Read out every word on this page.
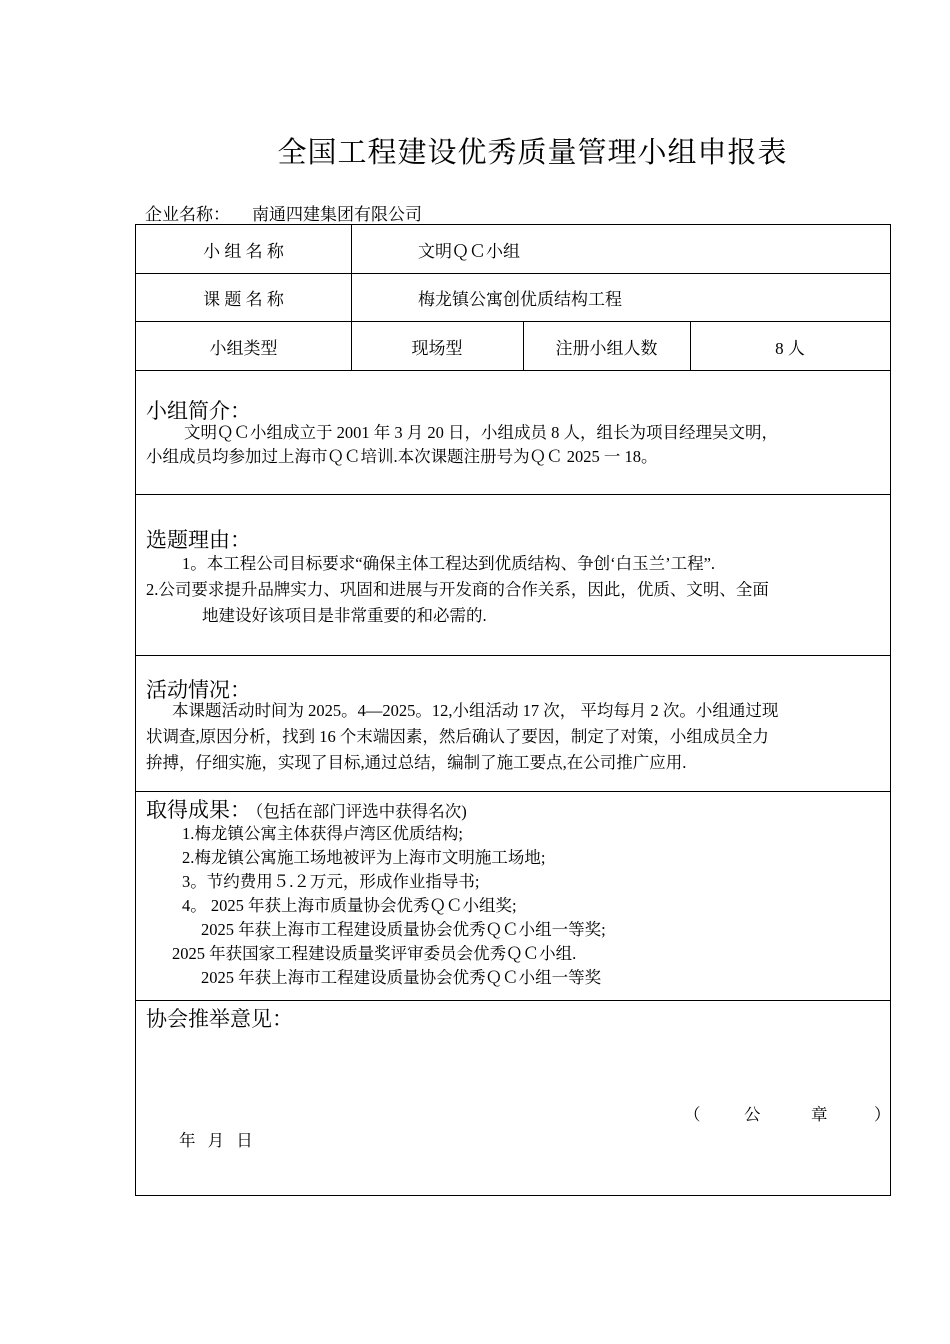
全国工程建设优秀质量管理小组申报表
企业名称： 南通四建集团有限公司
小 组 名 称	文明ＱＣ小组
课 题 名 称	梅龙镇公寓创优质结构工程
小组类型	现场型	注册小组人数	8 人
小组简介：
文明ＱＣ小组成立于 2001 年 3 月 20 日，小组成员 8 人，组长为项目经理吴文明，
小组成员均参加过上海市ＱＣ培训.本次课题注册号为ＱＣ 2025 一 18。
选题理由：
1。本工程公司目标要求“确保主体工程达到优质结构、争创‘白玉兰’工程”.
2.公司要求提升品牌实力、巩固和进展与开发商的合作关系，因此，优质、文明、全面
地建设好该项目是非常重要的和必需的.
活动情况：
本课题活动时间为 2025。4—2025。12,小组活动 17 次， 平均每月 2 次。小组通过现
状调查,原因分析，找到 16 个末端因素，然后确认了要因，制定了对策，小组成员全力
拚搏，仔细实施，实现了目标,通过总结，编制了施工要点,在公司推广应用.
取得成果： （包括在部门评选中获得名次)
1.梅龙镇公寓主体获得卢湾区优质结构;
2.梅龙镇公寓施工场地被评为上海市文明施工场地;
3。节约费用５.２万元，形成作业指导书;
4。 2025 年获上海市质量协会优秀ＱＣ小组奖;
2025 年获上海市工程建设质量协会优秀ＱＣ小组一等奖;
2025 年获国家工程建设质量奖评审委员会优秀ＱＣ小组.
2025 年获上海市工程建设质量协会优秀ＱＣ小组一等奖
协会推举意见：
（	公	章	）
年 月 日
